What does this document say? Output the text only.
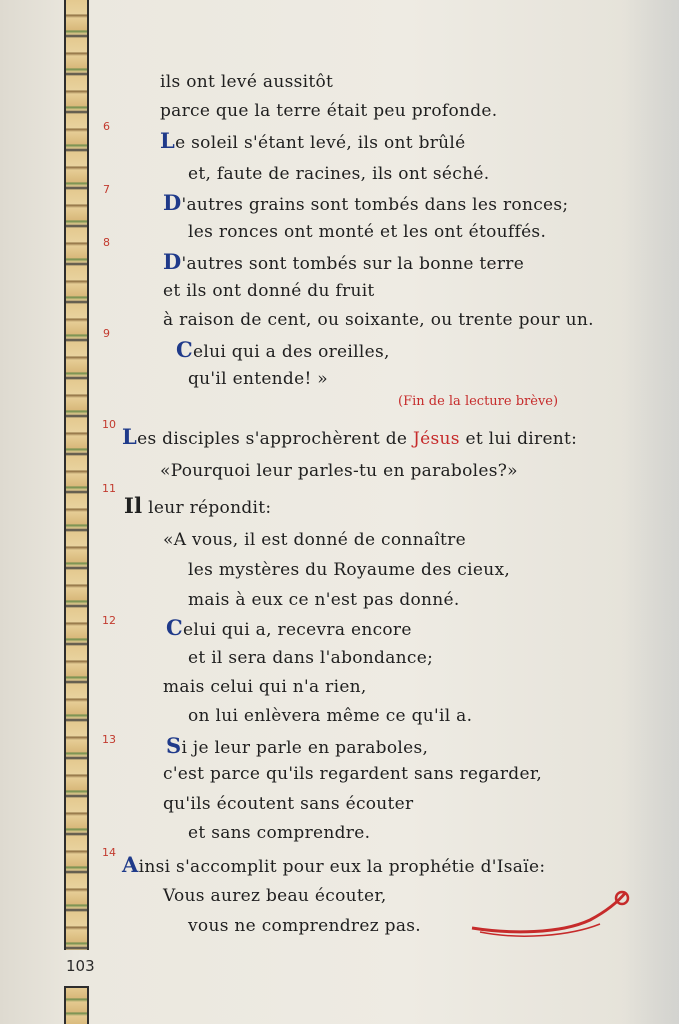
103
6
7
8
9
10
11
12
13
14
ils ont levé aussitôt
parce que la terre était peu profonde.
Le soleil s'étant levé, ils ont brûlé
et, faute de racines, ils ont séché.
D'autres grains sont tombés dans les ronces;
les ronces ont monté et les ont étouffés.
D'autres sont tombés sur la bonne terre
et ils ont donné du fruit
à raison de cent, ou soixante, ou trente pour un.
Celui qui a des oreilles,
qu'il entende! »
(Fin de la lecture brève)
Les disciples s'approchèrent de Jésus et lui dirent:
«Pourquoi leur parles-tu en paraboles?»
Il leur répondit:
«A vous, il est donné de connaître
les mystères du Royaume des cieux,
mais à eux ce n'est pas donné.
Celui qui a, recevra encore
et il sera dans l'abondance;
mais celui qui n'a rien,
on lui enlèvera même ce qu'il a.
Si je leur parle en paraboles,
c'est parce qu'ils regardent sans regarder,
qu'ils écoutent sans écouter
et sans comprendre.
Ainsi s'accomplit pour eux la prophétie d'Isaïe:
Vous aurez beau écouter,
vous ne comprendrez pas.
